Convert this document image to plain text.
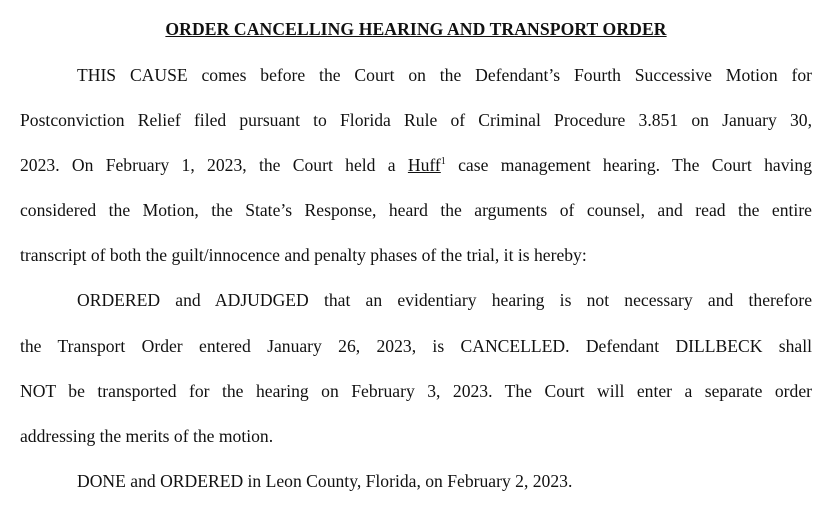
ORDER CANCELLING HEARING AND TRANSPORT ORDER
THIS CAUSE comes before the Court on the Defendant’s Fourth Successive Motion for
Postconviction Relief filed pursuant to Florida Rule of Criminal Procedure 3.851 on January 30,
2023. On February 1, 2023, the Court held a Huff$^1$ case management hearing. The Court having
considered the Motion, the State’s Response, heard the arguments of counsel, and read the entire
transcript of both the guilt/innocence and penalty phases of the trial, it is hereby:
ORDERED and ADJUDGED that an evidentiary hearing is not necessary and therefore
the Transport Order entered January 26, 2023, is CANCELLED. Defendant DILLBECK shall
NOT be transported for the hearing on February 3, 2023. The Court will enter a separate order
addressing the merits of the motion.
DONE and ORDERED in Leon County, Florida, on February 2, 2023.
